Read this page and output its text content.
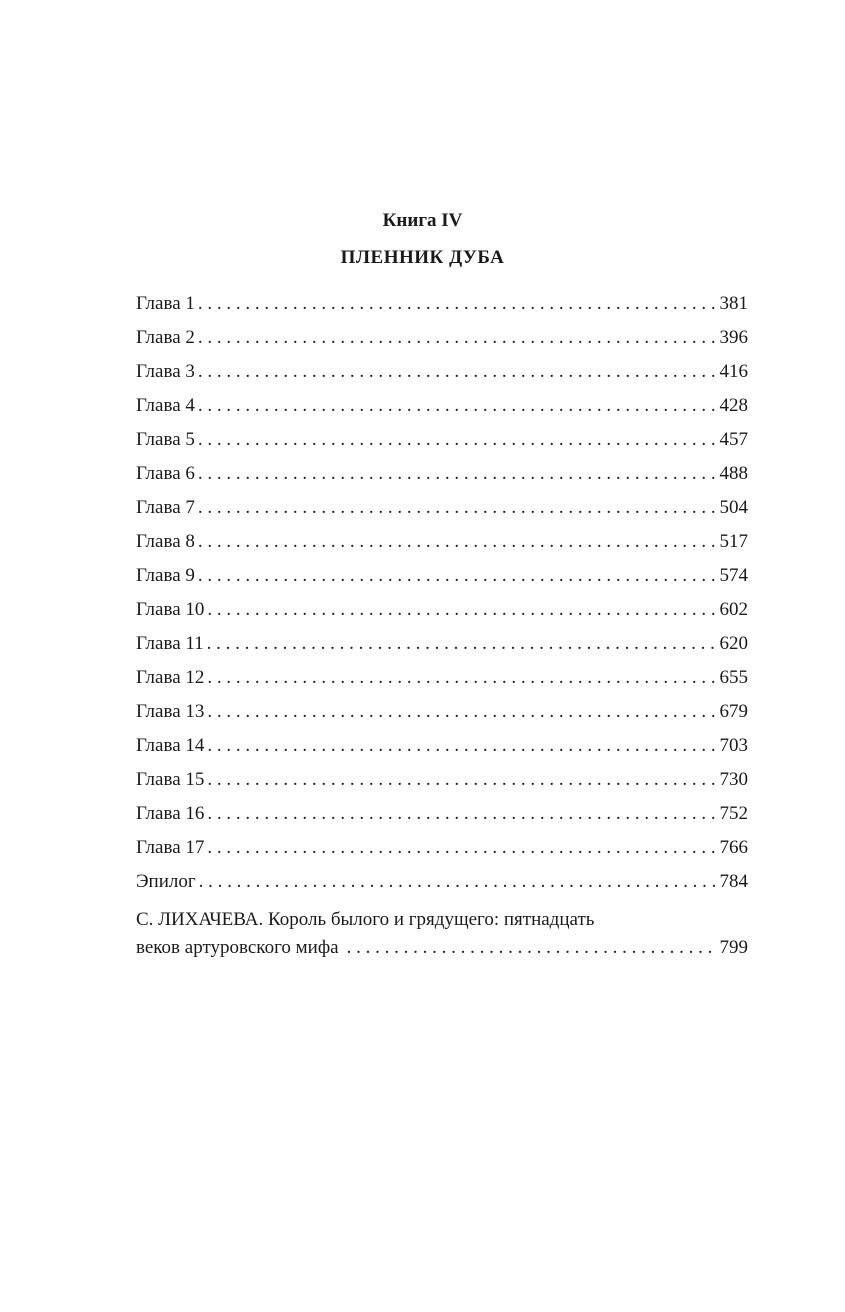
Книга IV
ПЛЕННИК ДУБА
Глава 1 . . .	381
Глава 2 . . .	396
Глава 3 . . .	416
Глава 4 . . .	428
Глава 5 . . .	457
Глава 6 . . .	488
Глава 7 . . .	504
Глава 8 . . .	517
Глава 9 . . .	574
Глава 10 . . .	602
Глава 11 . . .	620
Глава 12 . . .	655
Глава 13 . . .	679
Глава 14 . . .	703
Глава 15 . . .	730
Глава 16 . . .	752
Глава 17 . . .	766
Эпилог . . .	784
С. ЛИХАЧЕВА. Король былого и грядущего: пятнадцать
веков артуровского мифа . . .	799
